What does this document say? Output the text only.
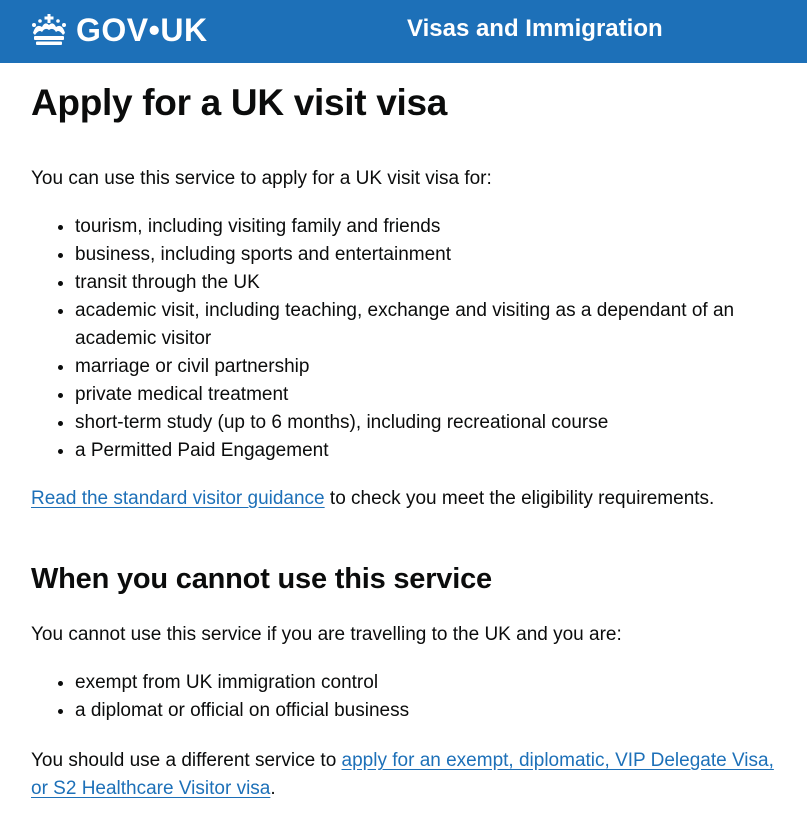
GOV•UK	Visas and Immigration
Apply for a UK visit visa

You can use this service to apply for a UK visit visa for:

• tourism, including visiting family and friends
• business, including sports and entertainment
• transit through the UK
• academic visit, including teaching, exchange and visiting as a dependant of an academic visitor
• marriage or civil partnership
• private medical treatment
• short-term study (up to 6 months), including recreational course
• a Permitted Paid Engagement

Read the standard visitor guidance to check you meet the eligibility requirements.

When you cannot use this service

You cannot use this service if you are travelling to the UK and you are:

• exempt from UK immigration control
• a diplomat or official on official business

You should use a different service to apply for an exempt, diplomatic, VIP Delegate Visa, or S2 Healthcare Visitor visa.
